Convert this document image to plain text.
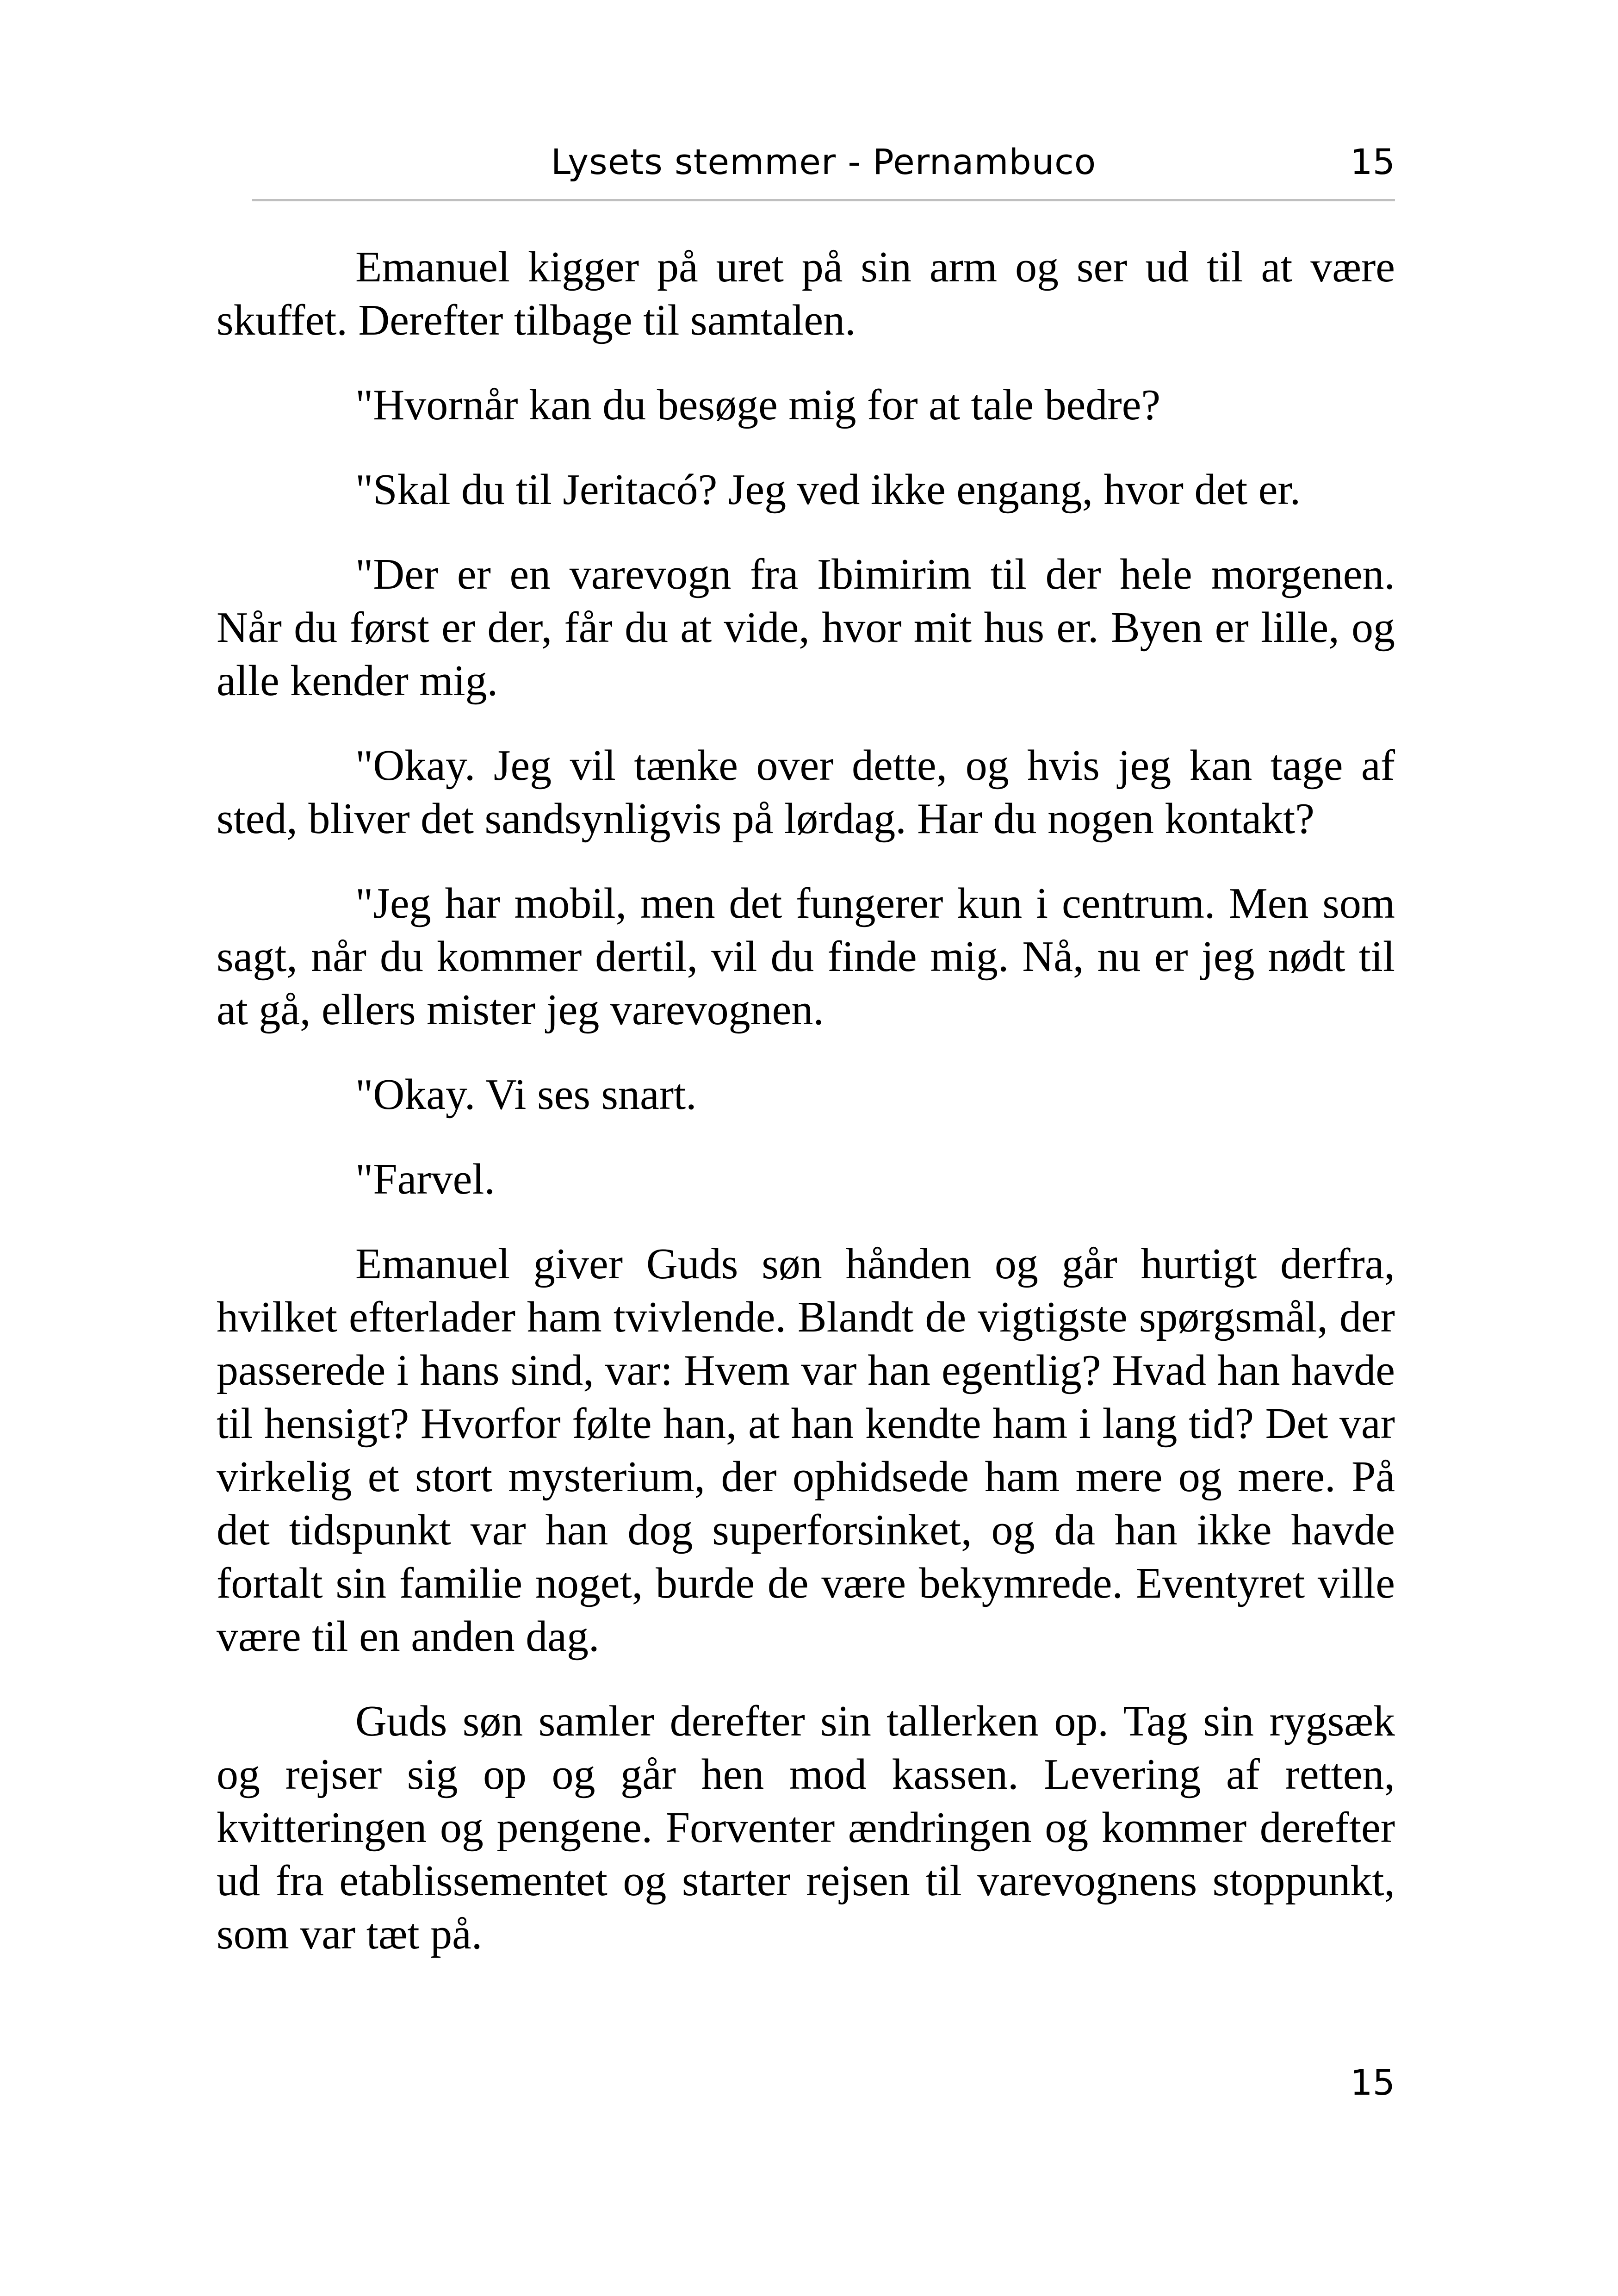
Lysets stemmer - Pernambuco	15

Emanuel kigger på uret på sin arm og ser ud til at være skuffet. Derefter tilbage til samtalen.

"Hvornår kan du besøge mig for at tale bedre?

"Skal du til Jeritacó? Jeg ved ikke engang, hvor det er.

"Der er en varevogn fra Ibimirim til der hele morgenen. Når du først er der, får du at vide, hvor mit hus er. Byen er lille, og alle kender mig.

"Okay. Jeg vil tænke over dette, og hvis jeg kan tage af sted, bliver det sandsynligvis på lørdag. Har du nogen kontakt?

"Jeg har mobil, men det fungerer kun i centrum. Men som sagt, når du kommer dertil, vil du finde mig. Nå, nu er jeg nødt til at gå, ellers mister jeg varevognen.

"Okay. Vi ses snart.

"Farvel.

Emanuel giver Guds søn hånden og går hurtigt derfra, hvilket efterlader ham tvivlende. Blandt de vigtigste spørgsmål, der passerede i hans sind, var: Hvem var han egentlig? Hvad han havde til hensigt? Hvorfor følte han, at han kendte ham i lang tid? Det var virkelig et stort mysterium, der ophidsede ham mere og mere. På det tidspunkt var han dog superforsinket, og da han ikke havde fortalt sin familie noget, burde de være bekymrede. Eventyret ville være til en anden dag.

Guds søn samler derefter sin tallerken op. Tag sin rygsæk og rejser sig op og går hen mod kassen. Levering af retten, kvitteringen og pengene. Forventer ændringen og kommer derefter ud fra etablissementet og starter rejsen til varevognens stoppunkt, som var tæt på.

15
